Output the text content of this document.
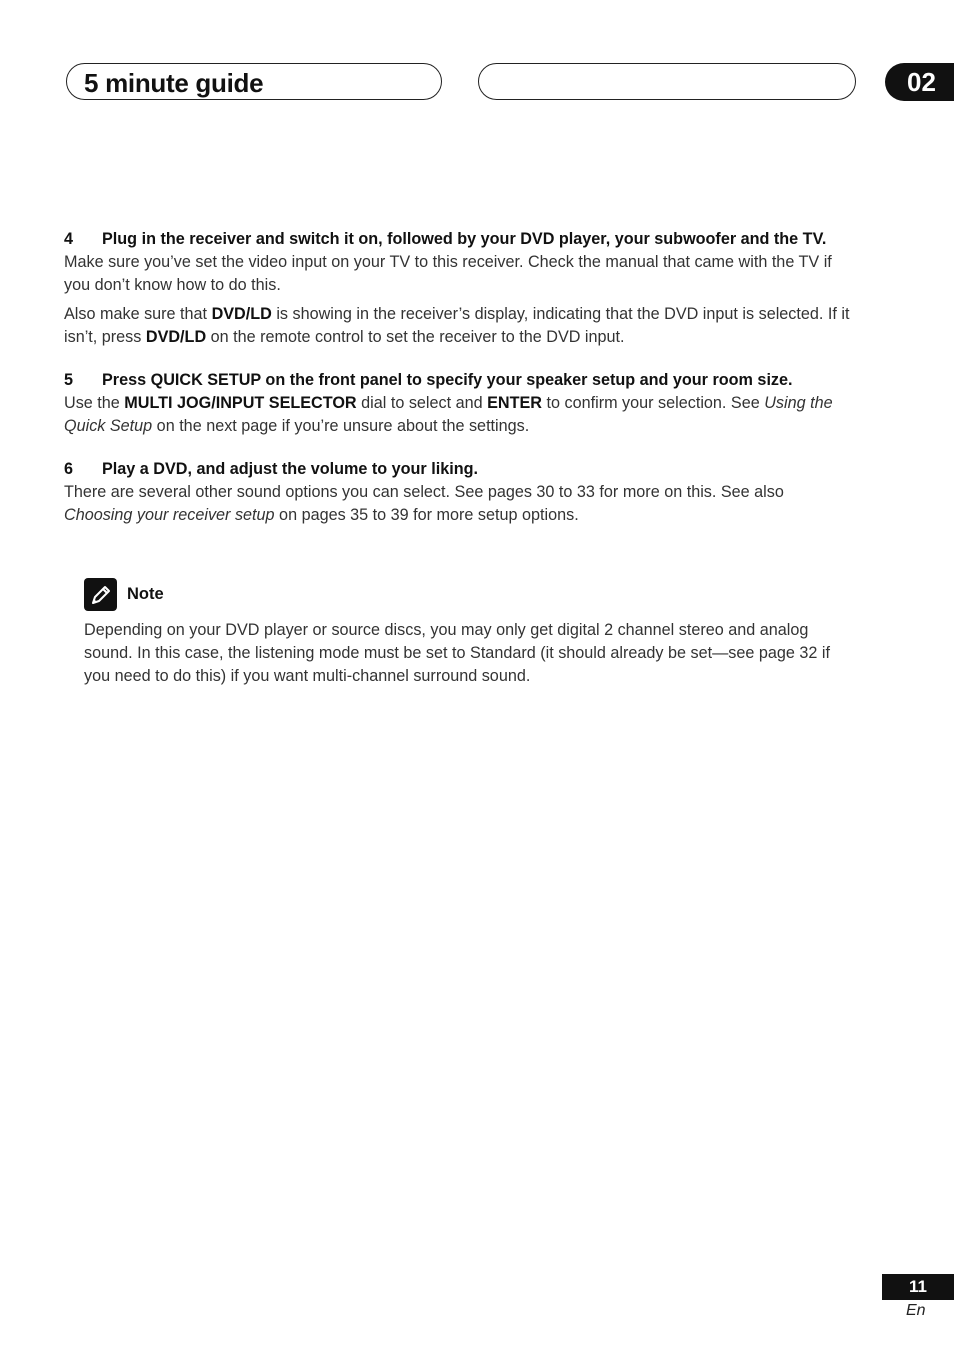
5 minute guide	02

4 Plug in the receiver and switch it on, followed by your DVD player, your subwoofer and the TV.

Make sure you’ve set the video input on your TV to this receiver. Check the manual that came with the TV if you don’t know how to do this.

Also make sure that DVD/LD is showing in the receiver’s display, indicating that the DVD input is selected. If it isn’t, press DVD/LD on the remote control to set the receiver to the DVD input.

5 Press QUICK SETUP on the front panel to specify your speaker setup and your room size.

Use the MULTI JOG/INPUT SELECTOR dial to select and ENTER to confirm your selection. See Using the Quick Setup on the next page if you’re unsure about the settings.

6 Play a DVD, and adjust the volume to your liking.

There are several other sound options you can select. See pages 30 to 33 for more on this. See also Choosing your receiver setup on pages 35 to 39 for more setup options.

Note

Depending on your DVD player or source discs, you may only get digital 2 channel stereo and analog sound. In this case, the listening mode must be set to Standard (it should already be set—see page 32 if you need to do this) if you want multi-channel surround sound.

11
En
